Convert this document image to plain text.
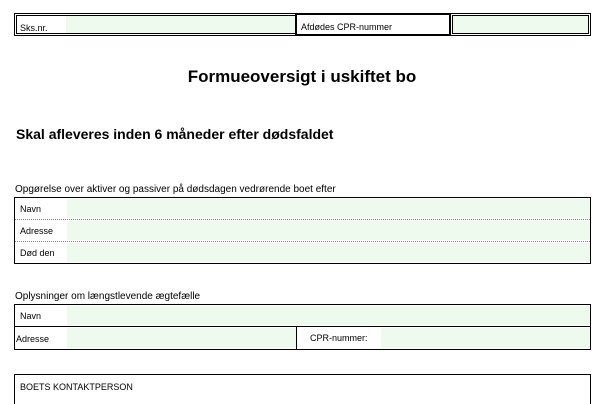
Sks.nr.	Afdødes CPR-nummer
Formueoversigt i uskiftet bo
Skal afleveres inden 6 måneder efter dødsfaldet
Opgørelse over aktiver og passiver på dødsdagen vedrørende boet efter
Navn
Adresse
Død den
Oplysninger om længstlevende ægtefælle
Navn
Adresse	CPR-nummer:
BOETS KONTAKTPERSON
